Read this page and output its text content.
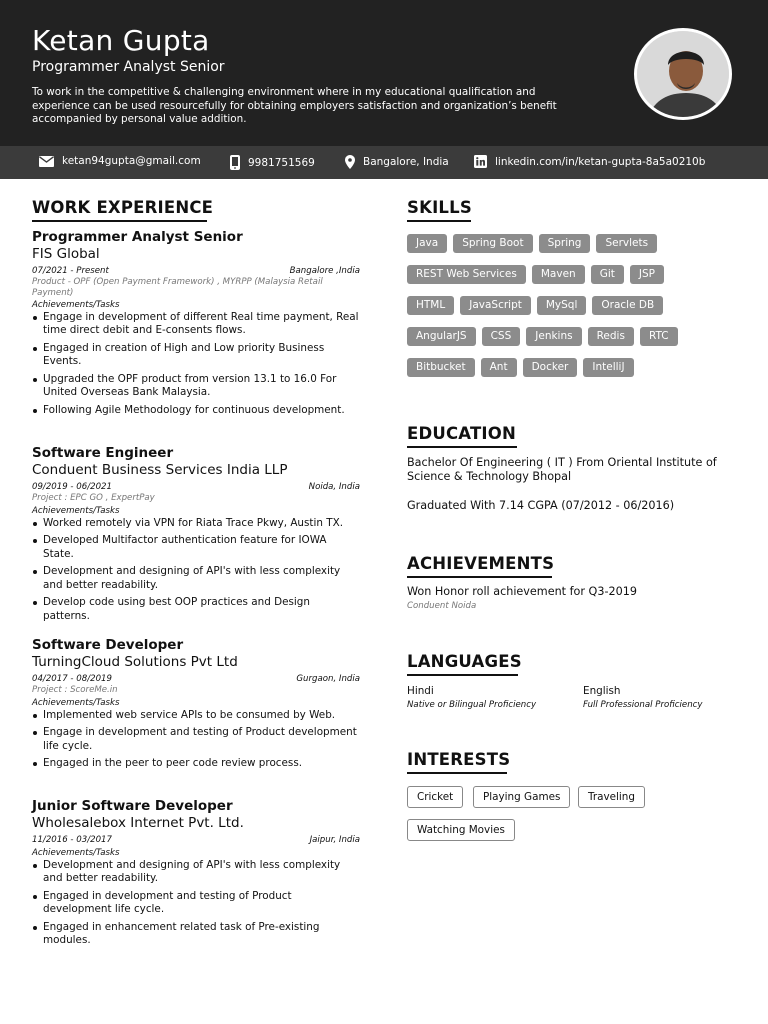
Ketan Gupta
Programmer Analyst Senior
To work in the competitive & challenging environment where in my educational qualification and experience can be used resourcefully for obtaining employers satisfaction and organization’s benefit accompanied by personal value addition.
ketan94gupta@gmail.com	9981751569	Bangalore, India	linkedin.com/in/ketan-gupta-8a5a0210b
WORK EXPERIENCE
Programmer Analyst Senior
FIS Global
07/2021 - Present	Bangalore ,India
Product - OPF (Open Payment Framework) , MYRPP (Malaysia Retail Payment)
Achievements/Tasks
Engage in development of different Real time payment, Real time direct debit and E-consents flows.
Engaged in creation of High and Low priority Business Events.
Upgraded the OPF product from version 13.1 to 16.0 For United Overseas Bank Malaysia.
Following Agile Methodology for continuous development.
Software Engineer
Conduent Business Services India LLP
09/2019 - 06/2021	Noida, India
Project : EPC GO , ExpertPay
Achievements/Tasks
Worked remotely via VPN for Riata Trace Pkwy, Austin TX.
Developed Multifactor authentication feature for IOWA State.
Development and designing of API's with less complexity and better readability.
Develop code using best OOP practices and Design patterns.
Software Developer
TurningCloud Solutions Pvt Ltd
04/2017 - 08/2019	Gurgaon, India
Project : ScoreMe.in
Achievements/Tasks
Implemented web service APIs to be consumed by Web.
Engage in development and testing of Product development life cycle.
Engaged in the peer to peer code review process.
Junior Software Developer
Wholesalebox Internet Pvt. Ltd.
11/2016 - 03/2017	Jaipur, India
Achievements/Tasks
Development and designing of API's with less complexity and better readability.
Engaged in development and testing of Product development life cycle.
Engaged in enhancement related task of Pre-existing modules.
SKILLS
Java	Spring Boot	Spring	Servlets
REST Web Services	Maven	Git	JSP
HTML	JavaScript	MySql	Oracle DB
AngularJS	CSS	Jenkins	Redis	RTC
Bitbucket	Ant	Docker	IntelliJ
EDUCATION
Bachelor Of Engineering ( IT ) From Oriental Institute of Science & Technology Bhopal
Graduated With 7.14 CGPA (07/2012 - 06/2016)
ACHIEVEMENTS
Won Honor roll achievement for Q3-2019
Conduent Noida
LANGUAGES
Hindi
Native or Bilingual Proficiency
English
Full Professional Proficiency
INTERESTS
Cricket	Playing Games	Traveling
Watching Movies
